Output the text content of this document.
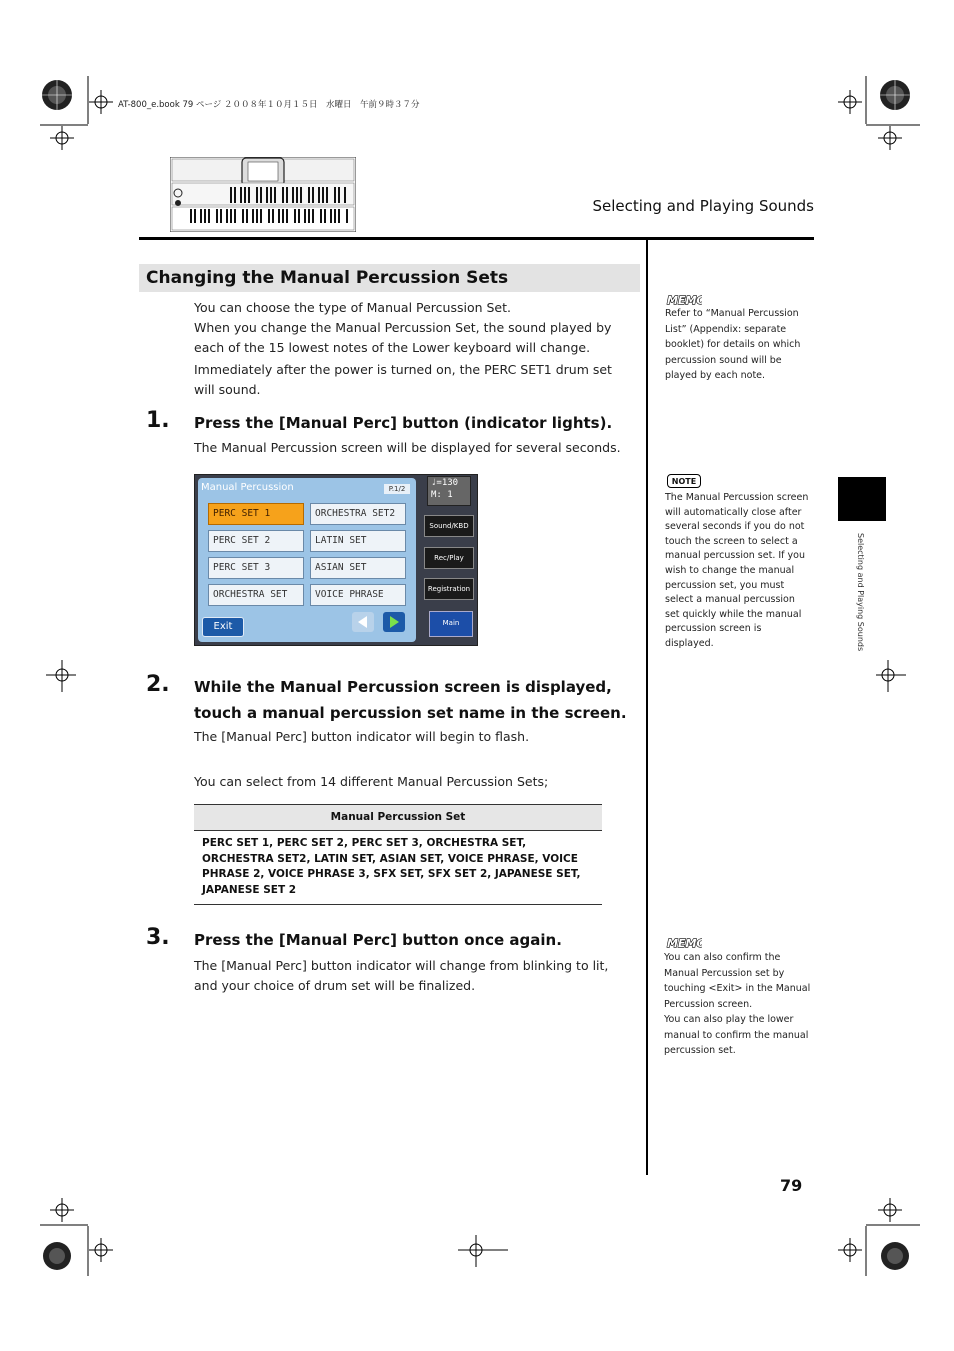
AT-800_e.book 79 ページ ２００８年１０月１５日　水曜日　午前９時３７分
Selecting and Playing Sounds
Selecting and Playing Sounds
Changing the Manual Percussion Sets
You can choose the type of Manual Percussion Set.
When you change the Manual Percussion Set, the sound played by each of the 15 lowest notes of the Lower keyboard will change.
Immediately after the power is turned on, the PERC SET1 drum set will sound.
1. Press the [Manual Perc] button (indicator lights).
The Manual Percussion screen will be displayed for several seconds.
Manual Percussion	P.1/2
PERC SET 1	ORCHESTRA SET2
PERC SET 2	LATIN SET
PERC SET 3	ASIAN SET
ORCHESTRA SET	VOICE PHRASE
Exit
♩=130
M: 1
Sound/KBD
Rec/Play
Registration
Main
2. While the Manual Percussion screen is displayed, touch a manual percussion set name in the screen.
The [Manual Perc] button indicator will begin to flash.
You can select from 14 different Manual Percussion Sets;
Manual Percussion Set
PERC SET 1, PERC SET 2, PERC SET 3, ORCHESTRA SET, ORCHESTRA SET2, LATIN SET, ASIAN SET, VOICE PHRASE, VOICE PHRASE 2, VOICE PHRASE 3, SFX SET, SFX SET 2, JAPANESE SET, JAPANESE SET 2
3. Press the [Manual Perc] button once again.
The [Manual Perc] button indicator will change from blinking to lit, and your choice of drum set will be finalized.
MEMO
Refer to “Manual Percussion List” (Appendix: separate booklet) for details on which percussion sound will be played by each note.
NOTE
The Manual Percussion screen will automatically close after several seconds if you do not touch the screen to select a manual percussion set. If you wish to change the manual percussion set, you must select a manual percussion set quickly while the manual percussion screen is displayed.
MEMO
You can also confirm the Manual Percussion set by touching <Exit> in the Manual Percussion screen.
You can also play the lower manual to confirm the manual percussion set.
79
